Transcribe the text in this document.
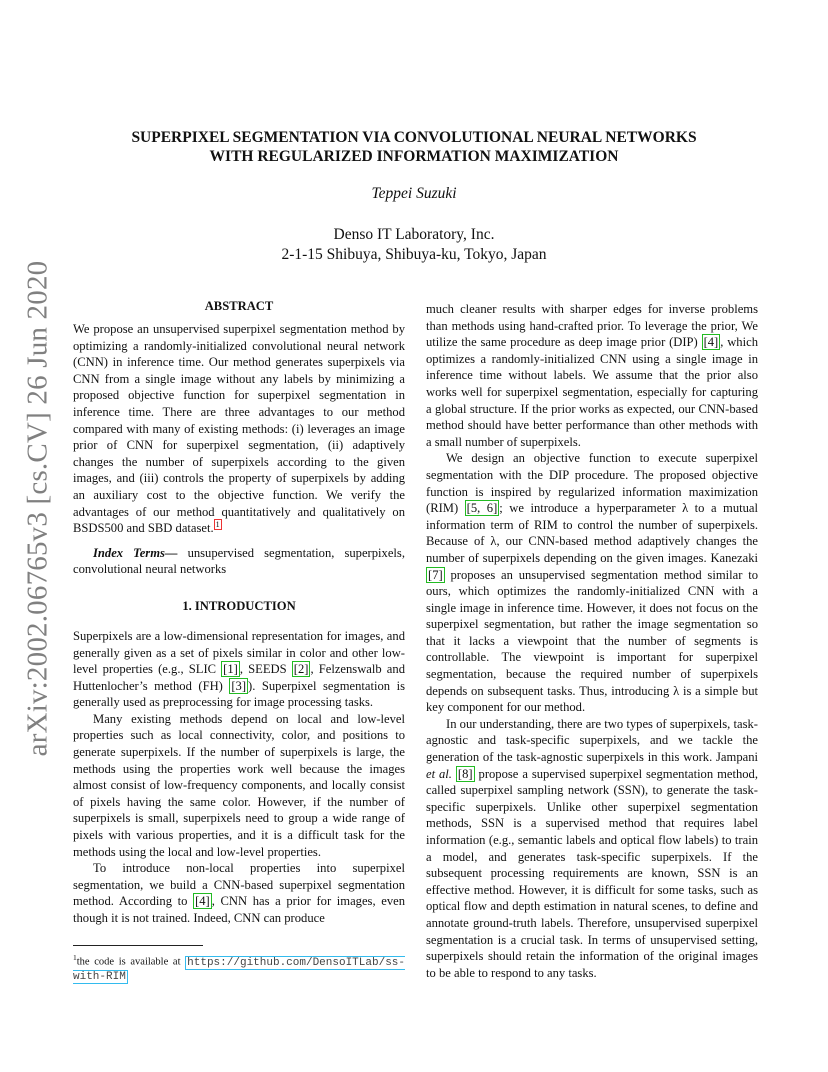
arXiv:2002.06765v3 [cs.CV] 26 Jun 2020
SUPERPIXEL SEGMENTATION VIA CONVOLUTIONAL NEURAL NETWORKS
WITH REGULARIZED INFORMATION MAXIMIZATION
Teppei Suzuki
Denso IT Laboratory, Inc.
2-1-15 Shibuya, Shibuya-ku, Tokyo, Japan
ABSTRACT

We propose an unsupervised superpixel segmentation method by optimizing a randomly-initialized convolutional neural network (CNN) in inference time. Our method generates superpixels via CNN from a single image without any labels by minimizing a proposed objective function for superpixel segmentation in inference time. There are three advantages to our method compared with many of existing methods: (i) leverages an image prior of CNN for superpixel segmentation, (ii) adaptively changes the number of superpixels according to the given images, and (iii) controls the property of superpixels by adding an auxiliary cost to the objective function. We verify the advantages of our method quantitatively and qualitatively on BSDS500 and SBD dataset. $^1$

Index Terms— unsupervised segmentation, superpixels, convolutional neural networks

1. INTRODUCTION

Superpixels are a low-dimensional representation for images, and generally given as a set of pixels similar in color and other low-level properties (e.g., SLIC [1] , SEEDS [2] , Felzenswalb and Huttenlocher’s method (FH) [3] ). Superpixel segmentation is generally used as preprocessing for image processing tasks.

Many existing methods depend on local and low-level properties such as local connectivity, color, and positions to generate superpixels. If the number of superpixels is large, the methods using the properties work well because the images almost consist of low-frequency components, and locally consist of pixels having the same color. However, if the number of superpixels is small, superpixels need to group a wide range of pixels with various properties, and it is a difficult task for the methods using the local and low-level properties.

To introduce non-local properties into superpixel segmentation, we build a CNN-based superpixel segmentation method. According to [4] , CNN has a prior for images, even though it is not trained. Indeed, CNN can produce

$^1$the code is available at https://github.com/DensoITLab/ss-with-RIM

much cleaner results with sharper edges for inverse problems than methods using hand-crafted prior. To leverage the prior, We utilize the same procedure as deep image prior (DIP) [4] , which optimizes a randomly-initialized CNN using a single image in inference time without labels. We assume that the prior also works well for superpixel segmentation, especially for capturing a global structure. If the prior works as expected, our CNN-based method should have better performance than other methods with a small number of superpixels.

We design an objective function to execute superpixel segmentation with the DIP procedure. The proposed objective function is inspired by regularized information maximization (RIM) [5, 6] ; we introduce a hyperparameter λ to a mutual information term of RIM to control the number of superpixels. Because of λ, our CNN-based method adaptively changes the number of superpixels depending on the given images. Kanezaki [7] proposes an unsupervised segmentation method similar to ours, which optimizes the randomly-initialized CNN with a single image in inference time. However, it does not focus on the superpixel segmentation, but rather the image segmentation so that it lacks a viewpoint that the number of segments is controllable. The viewpoint is important for superpixel segmentation, because the required number of superpixels depends on subsequent tasks. Thus, introducing λ is a simple but key component for our method.

In our understanding, there are two types of superpixels, task-agnostic and task-specific superpixels, and we tackle the generation of the task-agnostic superpixels in this work. Jampani et al. [8] propose a supervised superpixel segmentation method, called superpixel sampling network (SSN), to generate the task-specific superpixels. Unlike other superpixel segmentation methods, SSN is a supervised method that requires label information (e.g., semantic labels and optical flow labels) to train a model, and generates task-specific superpixels. If the subsequent processing requirements are known, SSN is an effective method. However, it is difficult for some tasks, such as optical flow and depth estimation in natural scenes, to define and annotate ground-truth labels. Therefore, unsupervised superpixel segmentation is a crucial task. In terms of unsupervised setting, superpixels should retain the information of the original images to be able to respond to any tasks.
